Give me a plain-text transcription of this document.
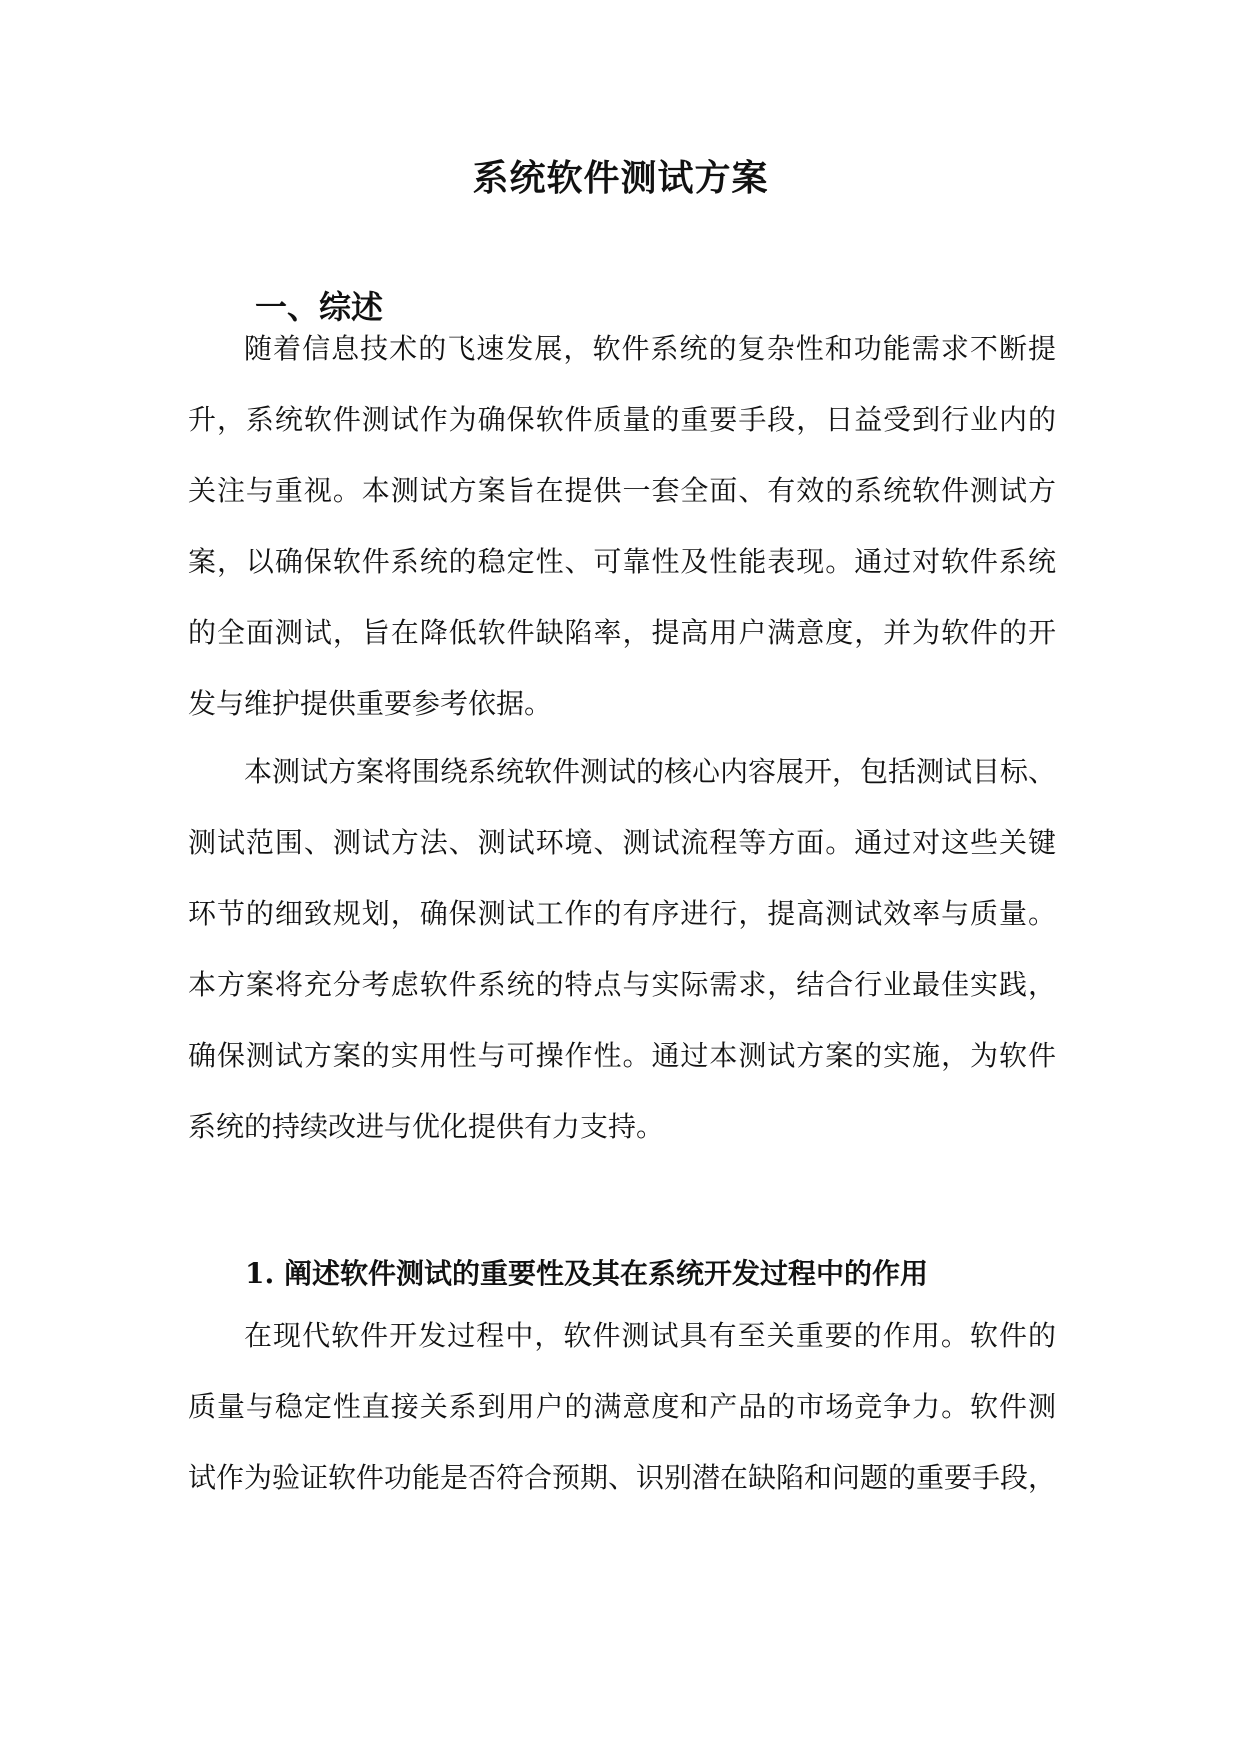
系统软件测试方案
一、综述
随着信息技术的飞速发展，软件系统的复杂性和功能需求不断提
升，系统软件测试作为确保软件质量的重要手段，日益受到行业内的
关注与重视。本测试方案旨在提供一套全面、有效的系统软件测试方
案，以确保软件系统的稳定性、可靠性及性能表现。通过对软件系统
的全面测试，旨在降低软件缺陷率，提高用户满意度，并为软件的开
发与维护提供重要参考依据。
本测试方案将围绕系统软件测试的核心内容展开，包括测试目标、
测试范围、测试方法、测试环境、测试流程等方面。通过对这些关键
环节的细致规划，确保测试工作的有序进行，提高测试效率与质量。
本方案将充分考虑软件系统的特点与实际需求，结合行业最佳实践，
确保测试方案的实用性与可操作性。通过本测试方案的实施，为软件
系统的持续改进与优化提供有力支持。
1. 阐述软件测试的重要性及其在系统开发过程中的作用
在现代软件开发过程中，软件测试具有至关重要的作用。软件的
质量与稳定性直接关系到用户的满意度和产品的市场竞争力。软件测
试作为验证软件功能是否符合预期、识别潜在缺陷和问题的重要手段，
